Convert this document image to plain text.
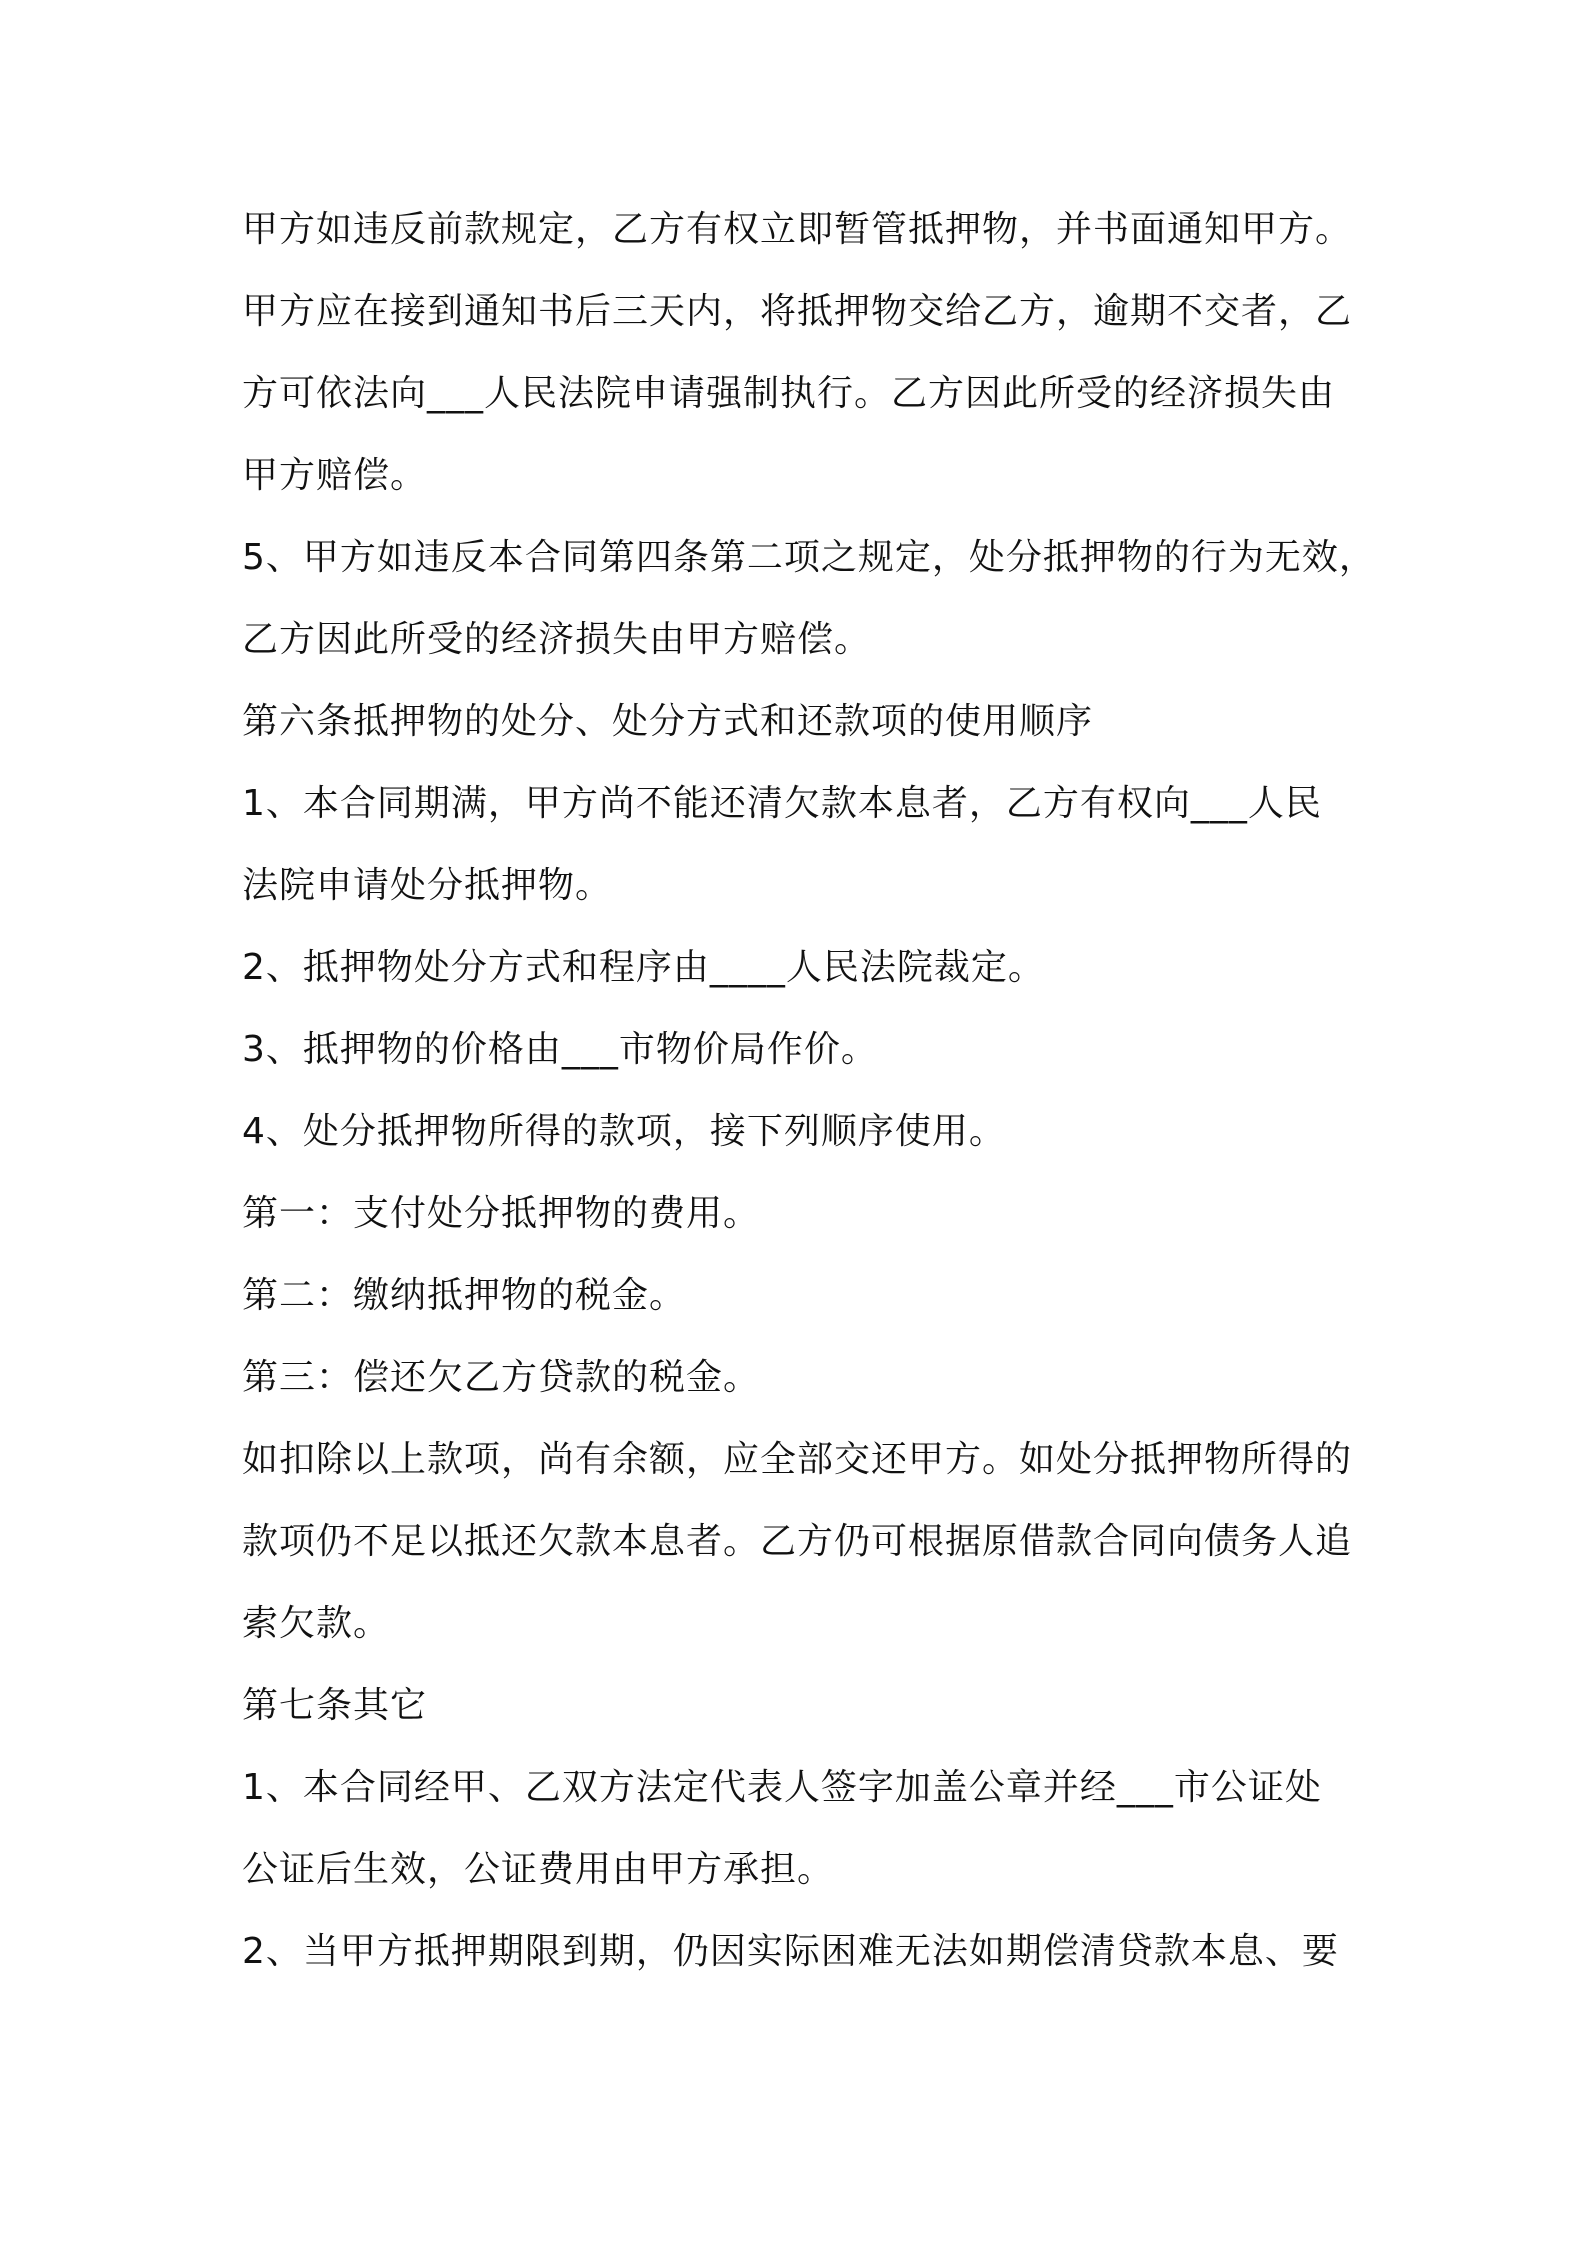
甲方如违反前款规定，乙方有权立即暂管抵押物，并书面通知甲方。
甲方应在接到通知书后三天内，将抵押物交给乙方，逾期不交者，乙
方可依法向___人民法院申请强制执行。乙方因此所受的经济损失由
甲方赔偿。
5、甲方如违反本合同第四条第二项之规定，处分抵押物的行为无效，
乙方因此所受的经济损失由甲方赔偿。
第六条抵押物的处分、处分方式和还款项的使用顺序
1、本合同期满，甲方尚不能还清欠款本息者，乙方有权向___人民
法院申请处分抵押物。
2、抵押物处分方式和程序由____人民法院裁定。
3、抵押物的价格由___市物价局作价。
4、处分抵押物所得的款项，接下列顺序使用。
第一：支付处分抵押物的费用。
第二：缴纳抵押物的税金。
第三：偿还欠乙方贷款的税金。
如扣除以上款项，尚有余额，应全部交还甲方。如处分抵押物所得的
款项仍不足以抵还欠款本息者。乙方仍可根据原借款合同向债务人追
索欠款。
第七条其它
1、本合同经甲、乙双方法定代表人签字加盖公章并经___市公证处
公证后生效，公证费用由甲方承担。
2、当甲方抵押期限到期，仍因实际困难无法如期偿清贷款本息、要
